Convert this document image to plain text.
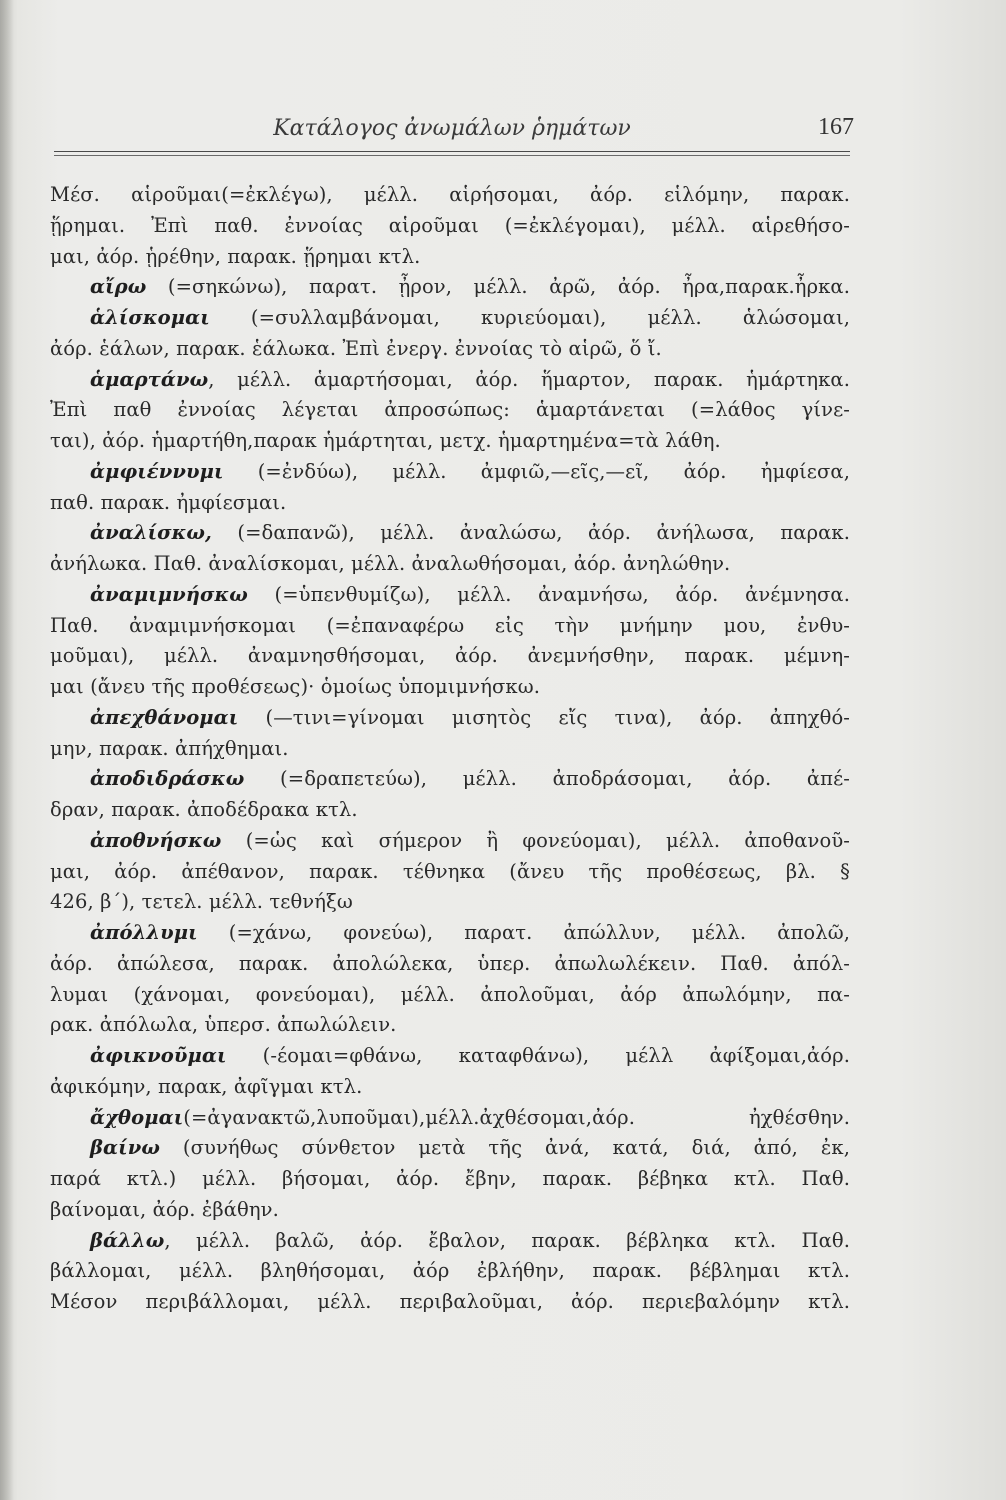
Κατάλογος ἀνωμάλων ῥημάτων	167
Μέσ. αἱροῦμαι(=ἐκλέγω), μέλλ. αἱρήσομαι, ἀόρ. εἱλόμην, παρακ.
ᾕρημαι. Ἐπὶ παθ. ἐννοίας αἱροῦμαι (=ἐκλέγομαι), μέλλ. αἱρεθήσο-
μαι, ἀόρ. ᾑρέθην, παρακ. ᾕρημαι κτλ.
αἴρω (=σηκώνω), παρατ. ᾖρον, μέλλ. ἀρῶ, ἀόρ. ἦρα,παρακ.ἦρκα.
ἁλίσκομαι (=συλλαμβάνομαι, κυριεύομαι), μέλλ. ἁλώσομαι,
ἀόρ. ἑάλων, παρακ. ἑάλωκα. Ἐπὶ ἐνεργ. ἐννοίας τὸ αἱρῶ, ὅ ἴ.
ἁμαρτάνω, μέλλ. ἁμαρτήσομαι, ἀόρ. ἥμαρτον, παρακ. ἡμάρτηκα.
Ἐπὶ παθ ἐννοίας λέγεται ἀπροσώπως: ἁμαρτάνεται (=λάθος γίνε-
ται), ἀόρ. ἡμαρτήθη,παρακ ἡμάρτηται, μετχ. ἡμαρτημένα=τὰ λάθη.
ἀμφιέννυμι (=ἐνδύω), μέλλ. ἀμφιῶ,—εῖς,—εῖ, ἀόρ. ἠμφίεσα,
παθ. παρακ. ἠμφίεσμαι.
ἀναλίσκω, (=δαπανῶ), μέλλ. ἀναλώσω, ἀόρ. ἀνήλωσα, παρακ.
ἀνήλωκα. Παθ. ἀναλίσκομαι, μέλλ. ἀναλωθήσομαι, ἀόρ. ἀνηλώθην.
ἀναμιμνήσκω (=ὑπενθυμίζω), μέλλ. ἀναμνήσω, ἀόρ. ἀνέμνησα.
Παθ. ἀναμιμνήσκομαι (=ἐπαναφέρω εἰς τὴν μνήμην μου, ἐνθυ-
μοῦμαι), μέλλ. ἀναμνησθήσομαι, ἀόρ. ἀνεμνήσθην, παρακ. μέμνη-
μαι (ἄνευ τῆς προθέσεως)· ὁμοίως ὑπομιμνήσκω.
ἀπεχθάνομαι (—τινι=γίνομαι μισητὸς εἴς τινα), ἀόρ. ἀπηχθό-
μην, παρακ. ἀπήχθημαι.
ἀποδιδράσκω (=δραπετεύω), μέλλ. ἀποδράσομαι, ἀόρ. ἀπέ-
δραν, παρακ. ἀποδέδρακα κτλ.
ἀποθνήσκω (=ὡς καὶ σήμερον ἢ φονεύομαι), μέλλ. ἀποθανοῦ-
μαι, ἀόρ. ἀπέθανον, παρακ. τέθνηκα (ἄνευ τῆς προθέσεως, βλ. §
426, β΄), τετελ. μέλλ. τεθνήξω
ἀπόλλυμι (=χάνω, φονεύω), παρατ. ἀπώλλυν, μέλλ. ἀπολῶ,
ἀόρ. ἀπώλεσα, παρακ. ἀπολώλεκα, ὑπερ. ἀπωλωλέκειν. Παθ. ἀπόλ-
λυμαι (χάνομαι, φονεύομαι), μέλλ. ἀπολοῦμαι, ἀόρ ἀπωλόμην, πα-
ρακ. ἀπόλωλα, ὑπερσ. ἀπωλώλειν.
ἀφικνοῦμαι (-έομαι=φθάνω, καταφθάνω), μέλλ ἀφίξομαι,ἀόρ.
ἀφικόμην, παρακ, ἀφῖγμαι κτλ.
ἄχθομαι(=ἀγανακτῶ,λυποῦμαι),μέλλ.ἀχθέσομαι,ἀόρ. ἠχθέσθην.
βαίνω (συνήθως σύνθετον μετὰ τῆς ἀνά, κατά, διά, ἀπό, ἐκ,
παρά κτλ.) μέλλ. βήσομαι, ἀόρ. ἔβην, παρακ. βέβηκα κτλ. Παθ.
βαίνομαι, ἀόρ. ἐβάθην.
βάλλω, μέλλ. βαλῶ, ἀόρ. ἔβαλον, παρακ. βέβληκα κτλ. Παθ.
βάλλομαι, μέλλ. βληθήσομαι, ἀόρ ἐβλήθην, παρακ. βέβλημαι κτλ.
Μέσον περιβάλλομαι, μέλλ. περιβαλοῦμαι, ἀόρ. περιεβαλόμην κτλ.
